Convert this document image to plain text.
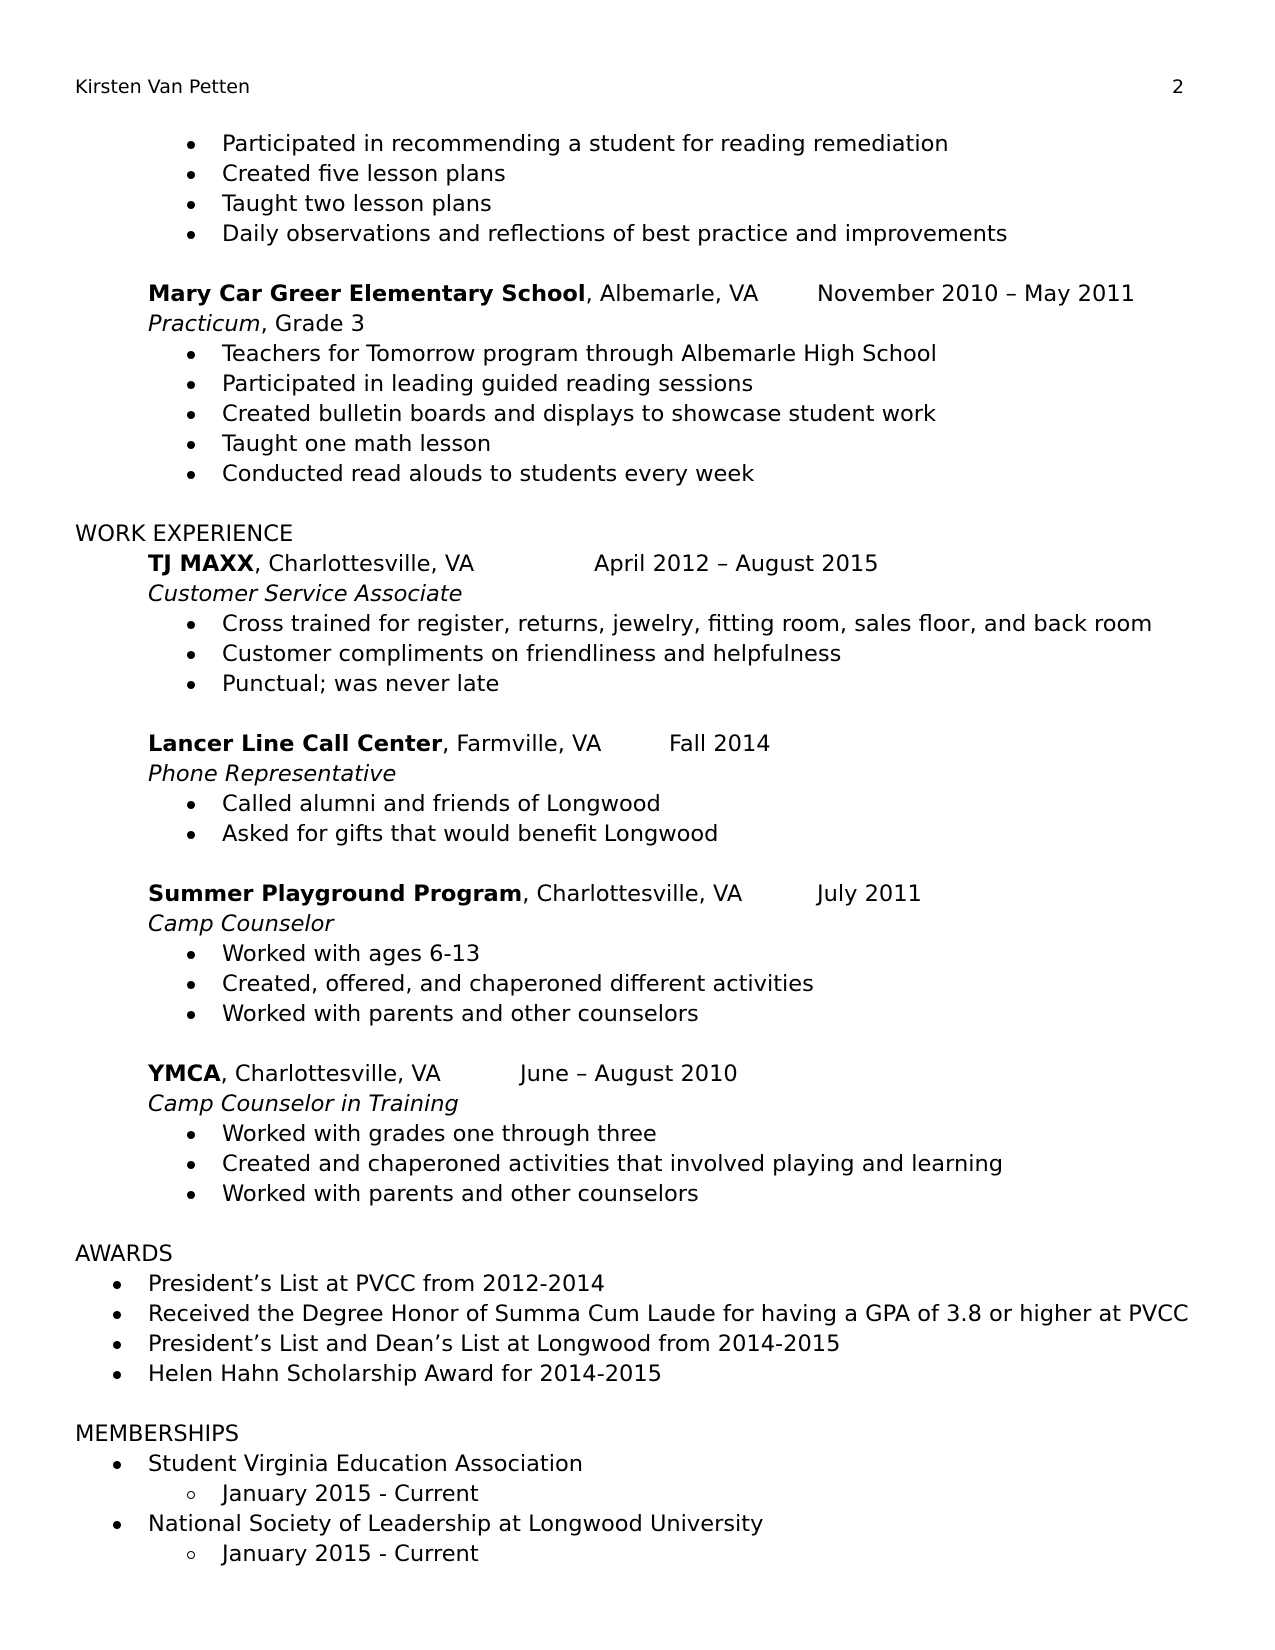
Kirsten Van Petten	2
Participated in recommending a student for reading remediation
Created five lesson plans
Taught two lesson plans
Daily observations and reflections of best practice and improvements
Mary Car Greer Elementary School, Albemarle, VA	November 2010 – May 2011
Practicum, Grade 3
Teachers for Tomorrow program through Albemarle High School
Participated in leading guided reading sessions
Created bulletin boards and displays to showcase student work
Taught one math lesson
Conducted read alouds to students every week
WORK EXPERIENCE
TJ MAXX, Charlottesville, VA	April 2012 – August 2015
Customer Service Associate
Cross trained for register, returns, jewelry, fitting room, sales floor, and back room
Customer compliments on friendliness and helpfulness
Punctual; was never late
Lancer Line Call Center, Farmville, VA	Fall 2014
Phone Representative
Called alumni and friends of Longwood
Asked for gifts that would benefit Longwood
Summer Playground Program, Charlottesville, VA	July 2011
Camp Counselor
Worked with ages 6-13
Created, offered, and chaperoned different activities
Worked with parents and other counselors
YMCA, Charlottesville, VA	June – August 2010
Camp Counselor in Training
Worked with grades one through three
Created and chaperoned activities that involved playing and learning
Worked with parents and other counselors
AWARDS
President’s List at PVCC from 2012-2014
Received the Degree Honor of Summa Cum Laude for having a GPA of 3.8 or higher at PVCC
President’s List and Dean’s List at Longwood from 2014-2015
Helen Hahn Scholarship Award for 2014-2015
MEMBERSHIPS
Student Virginia Education Association
January 2015 - Current
National Society of Leadership at Longwood University
January 2015 - Current
